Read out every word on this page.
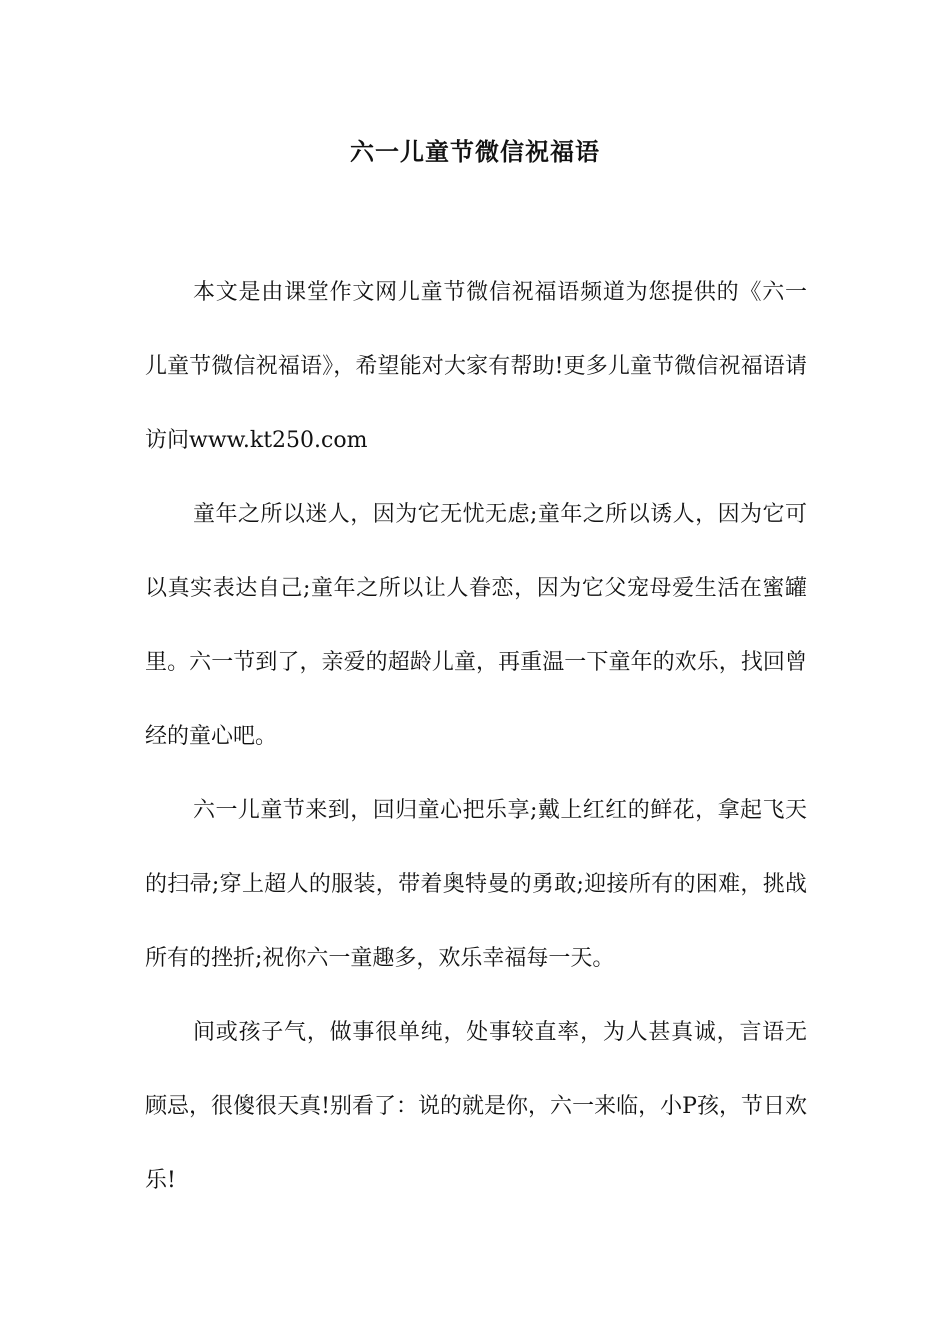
六一儿童节微信祝福语

本文是由课堂作文网儿童节微信祝福语频道为您提供的《六一儿童节微信祝福语》，希望能对大家有帮助!更多儿童节微信祝福语请访问www.kt250.com

童年之所以迷人，因为它无忧无虑;童年之所以诱人，因为它可以真实表达自己;童年之所以让人眷恋，因为它父宠母爱生活在蜜罐里。六一节到了，亲爱的超龄儿童，再重温一下童年的欢乐，找回曾经的童心吧。

六一儿童节来到，回归童心把乐享;戴上红红的鲜花，拿起飞天的扫帚;穿上超人的服装，带着奥特曼的勇敢;迎接所有的困难，挑战所有的挫折;祝你六一童趣多，欢乐幸福每一天。

间或孩子气，做事很单纯，处事较直率，为人甚真诚，言语无顾忌，很傻很天真!别看了：说的就是你，六一来临，小P孩，节日欢乐!
